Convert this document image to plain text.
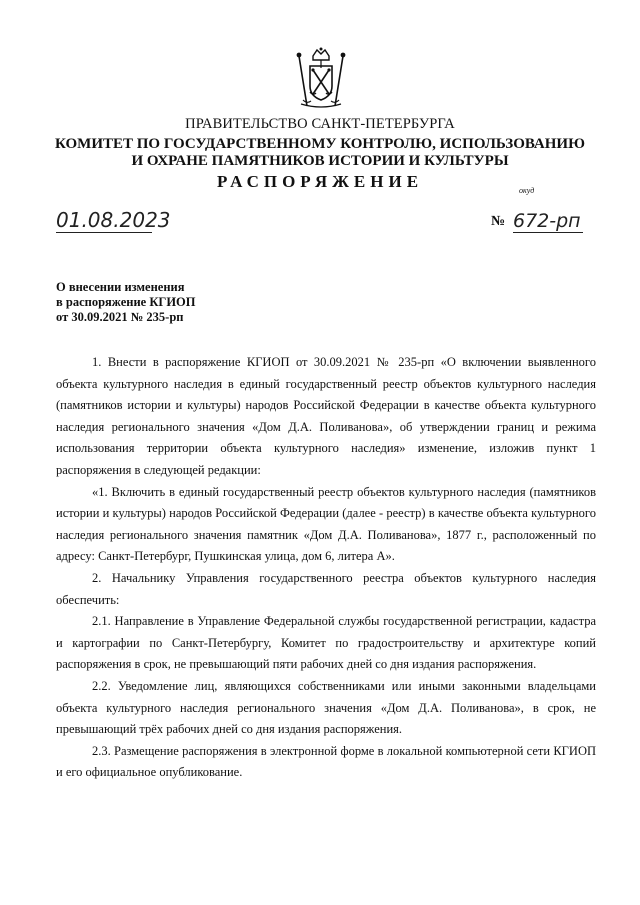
ПРАВИТЕЛЬСТВО САНКТ-ПЕТЕРБУРГА
КОМИТЕТ ПО ГОСУДАРСТВЕННОМУ КОНТРОЛЮ, ИСПОЛЬЗОВАНИЮ
И ОХРАНЕ ПАМЯТНИКОВ ИСТОРИИ И КУЛЬТУРЫ
РАСПОРЯЖЕНИЕ	окуд
01.08.2023	№ 672-рп
О внесении изменения
в распоряжение КГИОП
от 30.09.2021 № 235-рп

1. Внести в распоряжение КГИОП от 30.09.2021 № 235-рп «О включении выявленного объекта культурного наследия в единый государственный реестр объектов культурного наследия (памятников истории и культуры) народов Российской Федерации в качестве объекта культурного наследия регионального значения «Дом Д.А. Поливанова», об утверждении границ и режима использования территории объекта культурного наследия» изменение, изложив пункт 1 распоряжения в следующей редакции:

«1. Включить в единый государственный реестр объектов культурного наследия (памятников истории и культуры) народов Российской Федерации (далее - реестр) в качестве объекта культурного наследия регионального значения памятник «Дом Д.А. Поливанова», 1877 г., расположенный по адресу: Санкт-Петербург, Пушкинская улица, дом 6, литера А».

2. Начальнику Управления государственного реестра объектов культурного наследия обеспечить:

2.1. Направление в Управление Федеральной службы государственной регистрации, кадастра и картографии по Санкт-Петербургу, Комитет по градостроительству и архитектуре копий распоряжения в срок, не превышающий пяти рабочих дней со дня издания распоряжения.

2.2. Уведомление лиц, являющихся собственниками или иными законными владельцами объекта культурного наследия регионального значения «Дом Д.А. Поливанова», в срок, не превышающий трёх рабочих дней со дня издания распоряжения.

2.3. Размещение распоряжения в электронной форме в локальной компьютерной сети КГИОП и его официальное опубликование.
